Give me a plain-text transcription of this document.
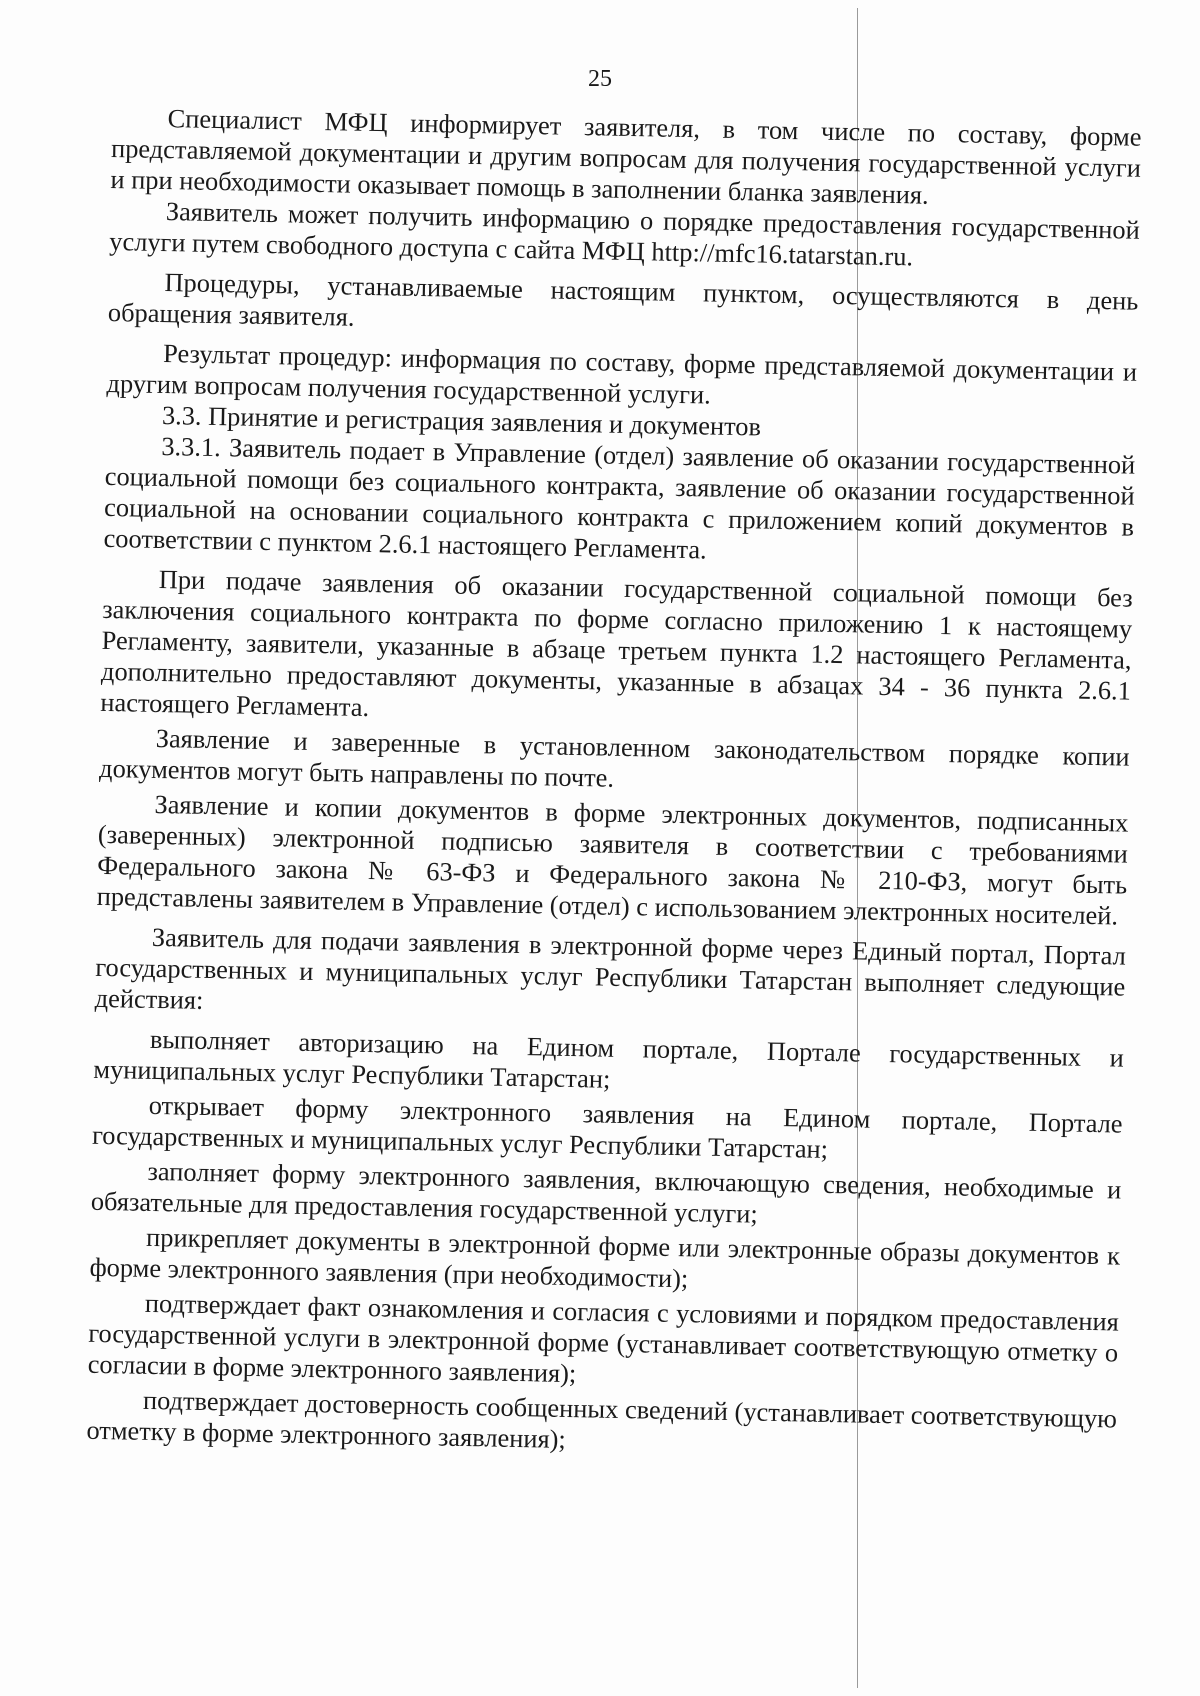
25

Специалист МФЦ информирует заявителя, в том числе по составу, форме представляемой документации и другим вопросам для получения государственной услуги и при необходимости оказывает помощь в заполнении бланка заявления.

Заявитель может получить информацию о порядке предоставления государственной услуги путем свободного доступа с сайта МФЦ http://mfc16.tatarstan.ru.

Процедуры, устанавливаемые настоящим пунктом, осуществляются в день обращения заявителя.

Результат процедур: информация по составу, форме представляемой документации и другим вопросам получения государственной услуги.

3.3. Принятие и регистрация заявления и документов

3.3.1. Заявитель подает в Управление (отдел) заявление об оказании государственной социальной помощи без социального контракта, заявление об оказании государственной социальной на основании социального контракта с приложением копий документов в соответствии с пунктом 2.6.1 настоящего Регламента.

При подаче заявления об оказании государственной социальной помощи без заключения социального контракта по форме согласно приложению 1 к настоящему Регламенту, заявители, указанные в абзаце третьем пункта 1.2 настоящего Регламента, дополнительно предоставляют документы, указанные в абзацах 34 - 36 пункта 2.6.1 настоящего Регламента.

Заявление и заверенные в установленном законодательством порядке копии документов могут быть направлены по почте.

Заявление и копии документов в форме электронных документов, подписанных (заверенных) электронной подписью заявителя в соответствии с требованиями Федерального закона № 63-ФЗ и Федерального закона № 210-ФЗ, могут быть представлены заявителем в Управление (отдел) с использованием электронных носителей.

Заявитель для подачи заявления в электронной форме через Единый портал, Портал государственных и муниципальных услуг Республики Татарстан выполняет следующие действия:

выполняет авторизацию на Едином портале, Портале государственных и муниципальных услуг Республики Татарстан;

открывает форму электронного заявления на Едином портале, Портале государственных и муниципальных услуг Республики Татарстан;

заполняет форму электронного заявления, включающую сведения, необходимые и обязательные для предоставления государственной услуги;

прикрепляет документы в электронной форме или электронные образы документов к форме электронного заявления (при необходимости);

подтверждает факт ознакомления и согласия с условиями и порядком предоставления государственной услуги в электронной форме (устанавливает соответствующую отметку о согласии в форме электронного заявления);

подтверждает достоверность сообщенных сведений (устанавливает соответствующую отметку в форме электронного заявления);
